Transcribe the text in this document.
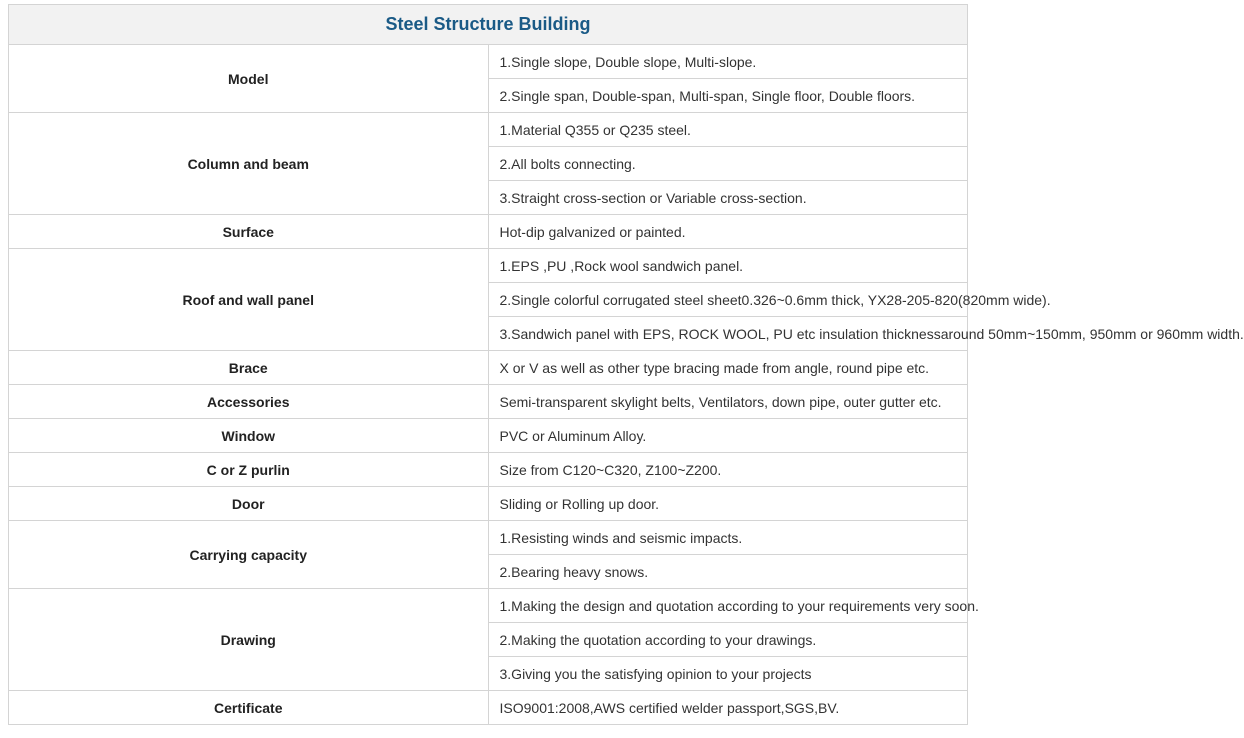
Steel Structure Building	
Model	1.Single slope, Double slope, Multi-slope.
	2.Single span, Double-span, Multi-span, Single floor, Double floors.
Column and beam	1.Material Q355 or Q235 steel.
	2.All bolts connecting.
	3.Straight cross-section or Variable cross-section.
Surface	Hot-dip galvanized or painted.
Roof and wall panel	1.EPS ,PU ,Rock wool sandwich panel.
	2.Single colorful corrugated steel sheet0.326~0.6mm thick, YX28-205-820(820mm wide).
	3.Sandwich panel with EPS, ROCK WOOL, PU etc insulation thicknessaround 50mm~150mm, 950mm or 960mm width.
Brace	X or V as well as other type bracing made from angle, round pipe etc.
Accessories	Semi-transparent skylight belts, Ventilators, down pipe, outer gutter etc.
Window	PVC or Aluminum Alloy.
C or Z purlin	Size from C120~C320, Z100~Z200.
Door	Sliding or Rolling up door.
Carrying capacity	1.Resisting winds and seismic impacts.
	2.Bearing heavy snows.
Drawing	1.Making the design and quotation according to your requirements very soon.
	2.Making the quotation according to your drawings.
	3.Giving you the satisfying opinion to your projects
Certificate	ISO9001:2008,AWS certified welder passport,SGS,BV.
